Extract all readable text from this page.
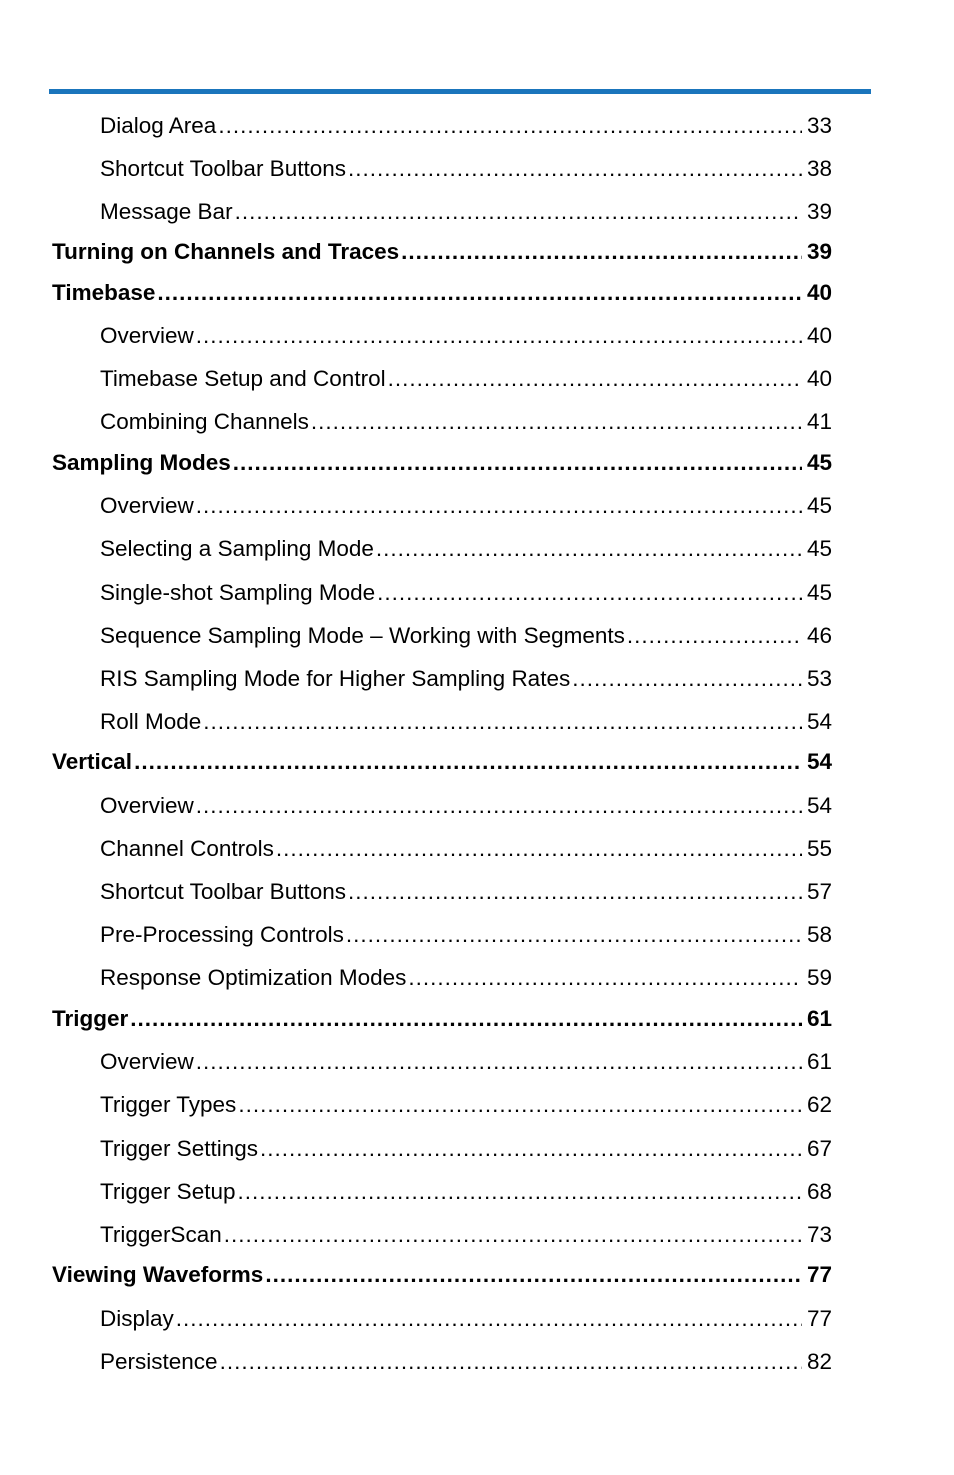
Dialog Area .....	33
Shortcut Toolbar Buttons .....	38
Message Bar .....	39
Turning on Channels and Traces .....	39
Timebase .....	40
Overview .....	40
Timebase Setup and Control .....	40
Combining Channels .....	41
Sampling Modes .....	45
Overview .....	45
Selecting a Sampling Mode .....	45
Single-shot Sampling Mode .....	45
Sequence Sampling Mode – Working with Segments .....	46
RIS Sampling Mode for Higher Sampling Rates .....	53
Roll Mode .....	54
Vertical .....	54
Overview .....	54
Channel Controls .....	55
Shortcut Toolbar Buttons .....	57
Pre-Processing Controls .....	58
Response Optimization Modes .....	59
Trigger .....	61
Overview .....	61
Trigger Types .....	62
Trigger Settings .....	67
Trigger Setup .....	68
TriggerScan .....	73
Viewing Waveforms .....	77
Display .....	77
Persistence .....	82
